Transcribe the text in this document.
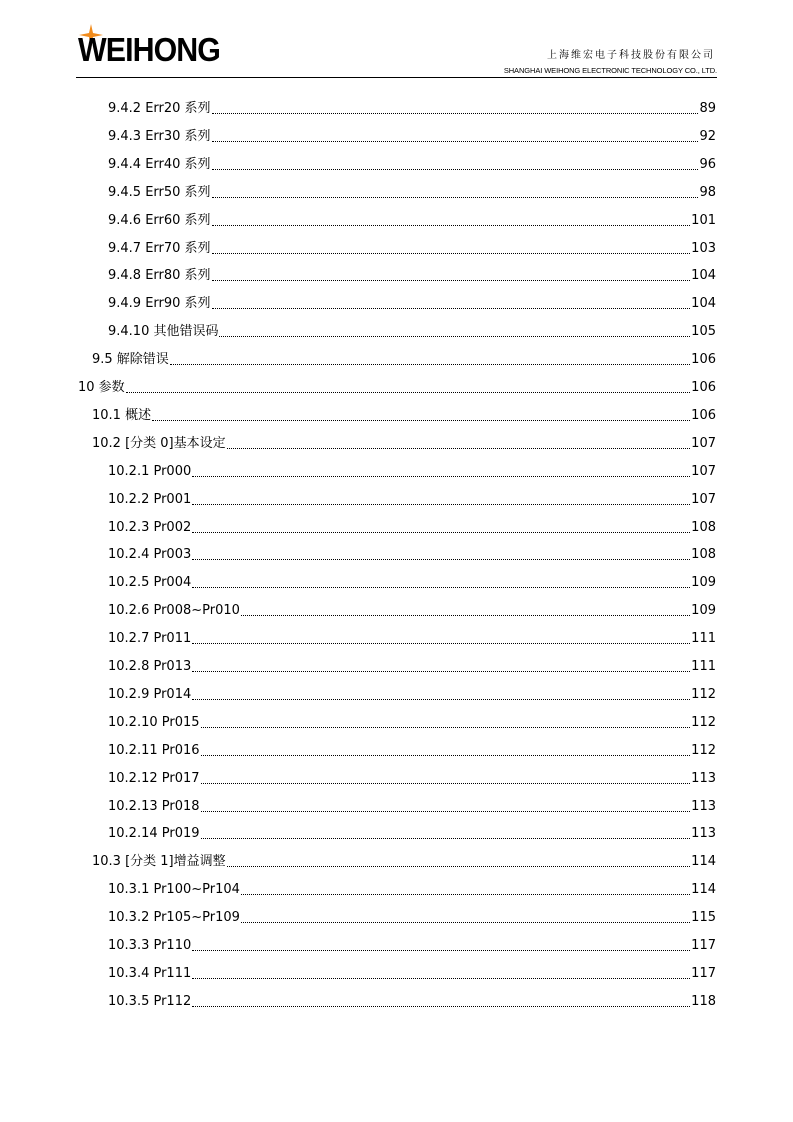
WEIHONG	上海维宏电子科技股份有限公司
SHANGHAI WEIHONG ELECTRONIC TECHNOLOGY CO., LTD.
9.4.2 Err20 系列	89
9.4.3 Err30 系列	92
9.4.4 Err40 系列	96
9.4.5 Err50 系列	98
9.4.6 Err60 系列	101
9.4.7 Err70 系列	103
9.4.8 Err80 系列	104
9.4.9 Err90 系列	104
9.4.10 其他错误码	105
9.5 解除错误	106
10 参数	106
10.1 概述	106
10.2 [分类 0]基本设定	107
10.2.1 Pr000	107
10.2.2 Pr001	107
10.2.3 Pr002	108
10.2.4 Pr003	108
10.2.5 Pr004	109
10.2.6 Pr008~Pr010	109
10.2.7 Pr011	111
10.2.8 Pr013	111
10.2.9 Pr014	112
10.2.10 Pr015	112
10.2.11 Pr016	112
10.2.12 Pr017	113
10.2.13 Pr018	113
10.2.14 Pr019	113
10.3 [分类 1]增益调整	114
10.3.1 Pr100~Pr104	114
10.3.2 Pr105~Pr109	115
10.3.3 Pr110	117
10.3.4 Pr111	117
10.3.5 Pr112	118
